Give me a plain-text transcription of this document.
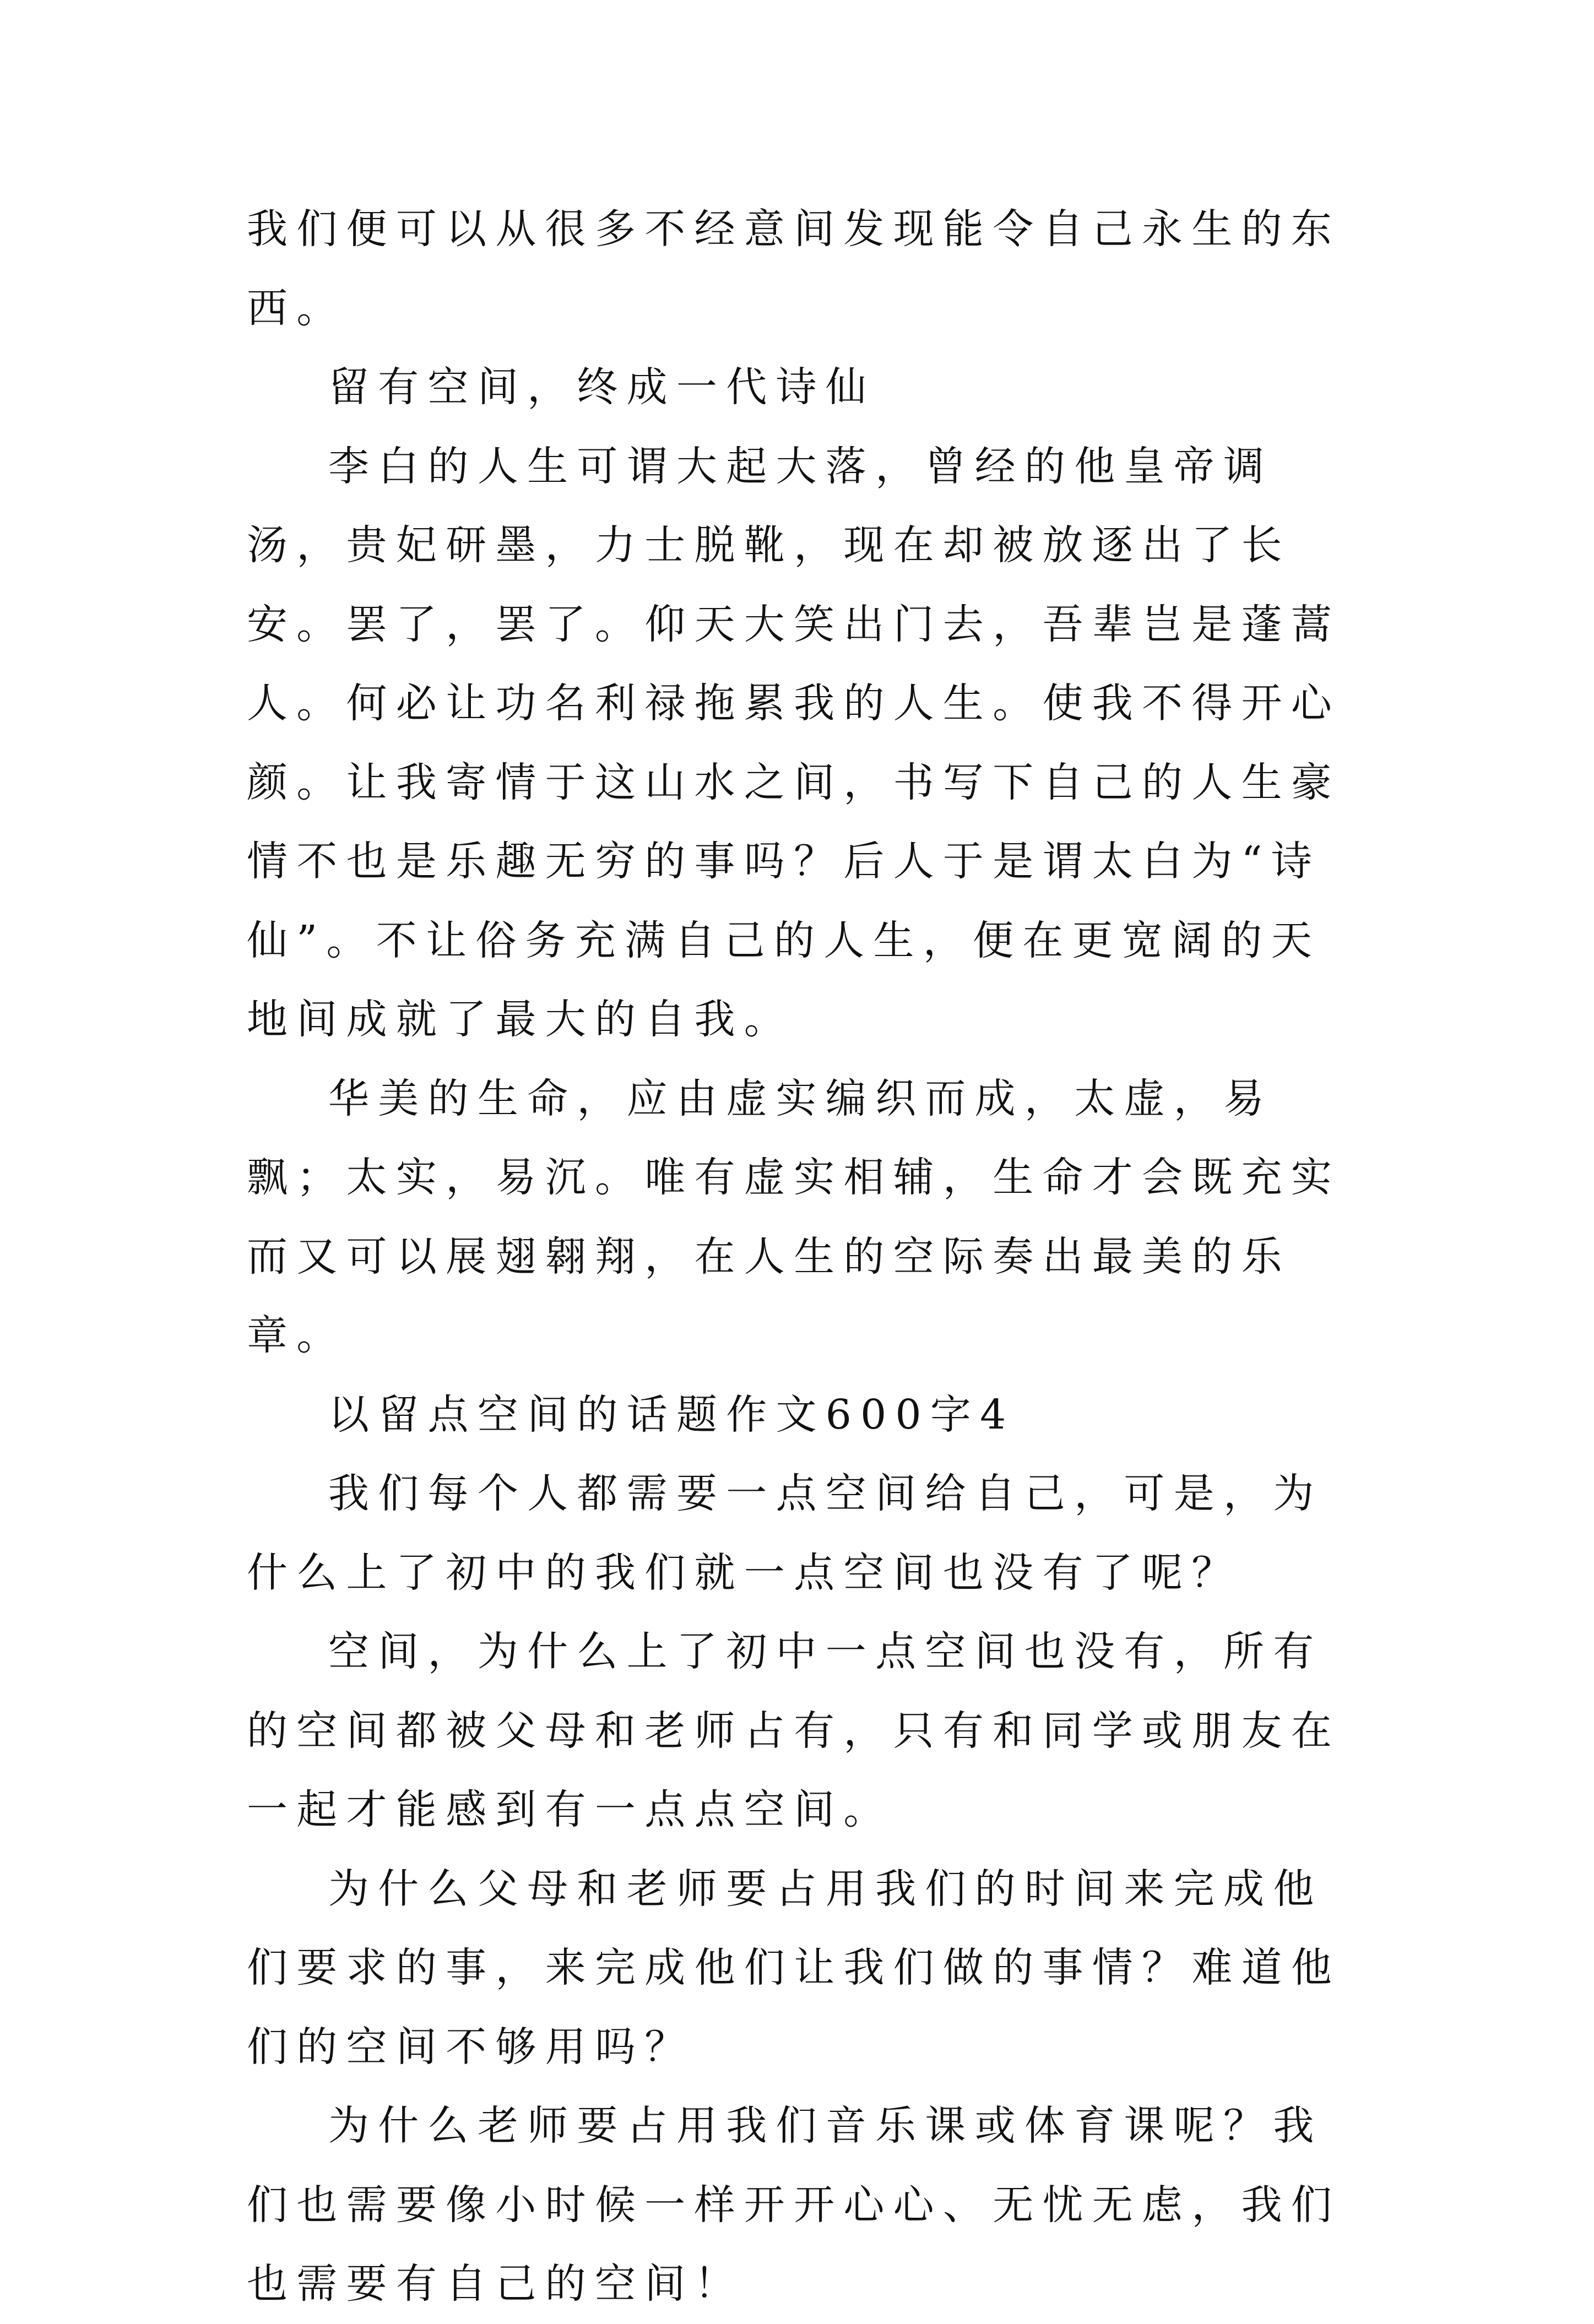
我们便可以从很多不经意间发现能令自己永生的东西。

留有空间，终成一代诗仙

李白的人生可谓大起大落，曾经的他皇帝调汤，贵妃研墨，力士脱靴，现在却被放逐出了长安。罢了，罢了。仰天大笑出门去，吾辈岂是蓬蒿人。何必让功名利禄拖累我的人生。使我不得开心颜。让我寄情于这山水之间，书写下自己的人生豪情不也是乐趣无穷的事吗？后人于是谓太白为“诗仙”。不让俗务充满自己的人生，便在更宽阔的天地间成就了最大的自我。

华美的生命，应由虚实编织而成，太虚，易飘；太实，易沉。唯有虚实相辅，生命才会既充实而又可以展翅翱翔，在人生的空际奏出最美的乐章。

以留点空间的话题作文600字4

我们每个人都需要一点空间给自己，可是，为什么上了初中的我们就一点空间也没有了呢？

空间，为什么上了初中一点空间也没有，所有的空间都被父母和老师占有，只有和同学或朋友在一起才能感到有一点点空间。

为什么父母和老师要占用我们的时间来完成他们要求的事，来完成他们让我们做的事情？难道他们的空间不够用吗？

为什么老师要占用我们音乐课或体育课呢？我们也需要像小时候一样开开心心、无忧无虑，我们也需要有自己的空间！
